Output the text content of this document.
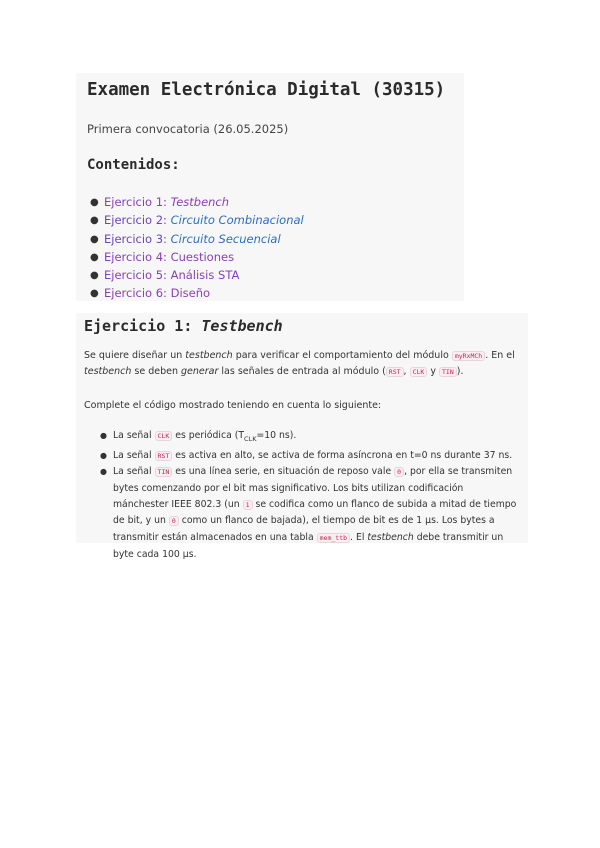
Examen Electrónica Digital (30315)
Primera convocatoria (26.05.2025)
Contenidos:
● Ejercicio 1: Testbench
● Ejercicio 2: Circuito Combinacional
● Ejercicio 3: Circuito Secuencial
● Ejercicio 4: Cuestiones
● Ejercicio 5: Análisis STA
● Ejercicio 6: Diseño
Ejercicio 1: Testbench

Se quiere diseñar un testbench para verificar el comportamiento del módulo myRxMCh . En el testbench se deben generar las señales de entrada al módulo ( RST , CLK y TIN ).

Complete el código mostrado teniendo en cuenta lo siguiente:

● La señal CLK es periódica ($T_{CLK}=10$ ns).
● La señal RST es activa en alto, se activa de forma asíncrona en t=0 ns durante 37 ns.
● La señal TIN es una línea serie, en situación de reposo vale 0 , por ella se transmiten bytes comenzando por el bit mas significativo. Los bits utilizan codificación mánchester IEEE 802.3 (un 1 se codifica como un flanco de subida a mitad de tiempo de bit, y un 0 como un flanco de bajada), el tiempo de bit es de 1 µs. Los bytes a transmitir están almacenados en una tabla mem_ttb . El testbench debe transmitir un byte cada 100 µs.
